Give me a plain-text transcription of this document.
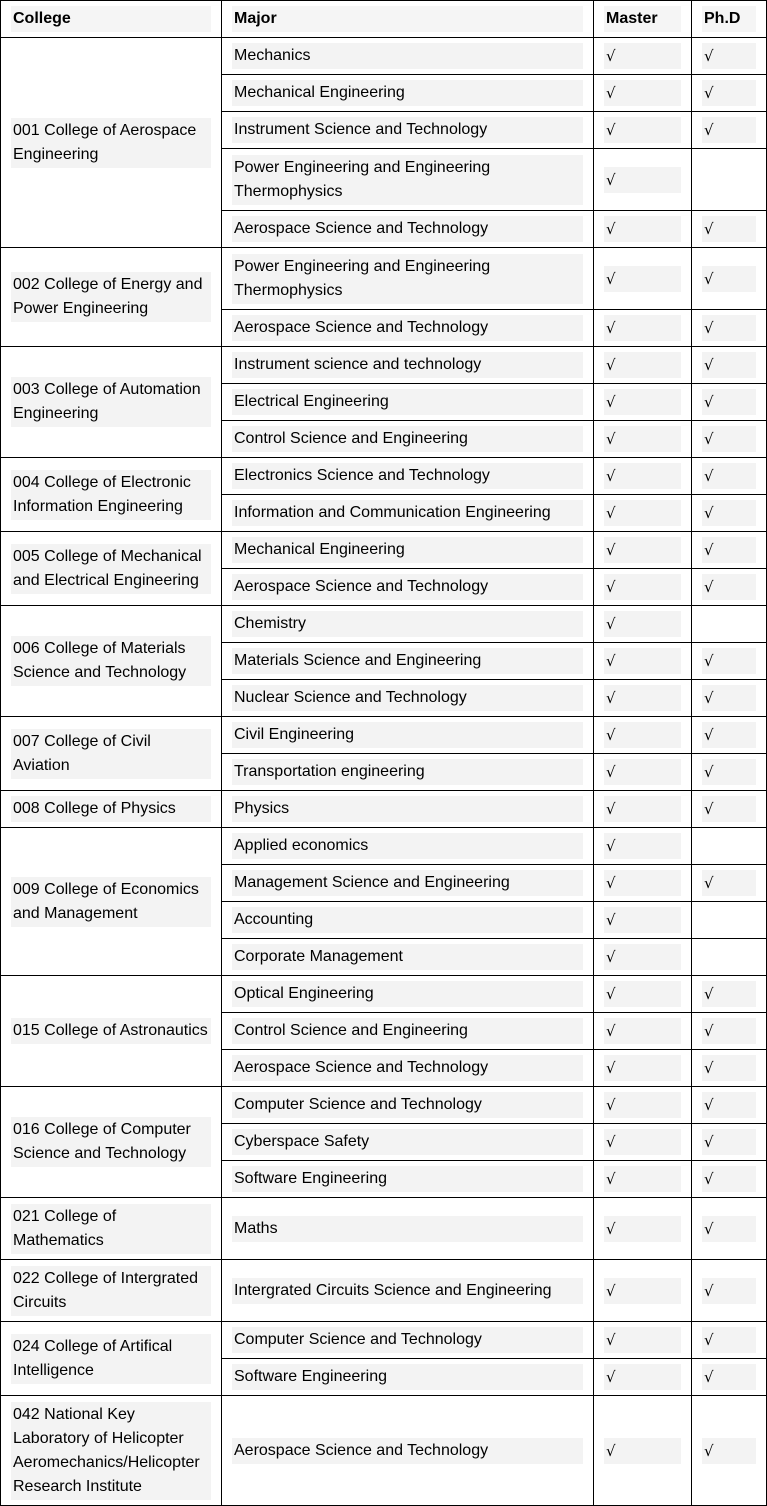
College	Major	Master	Ph.D

001 College of Aerospace Engineering	Mechanics	√	√

	Mechanical Engineering	√	√

	Instrument Science and Technology	√	√

	Power Engineering and Engineering Thermophysics	√	

	Aerospace Science and Technology	√	√

002 College of Energy and Power Engineering	Power Engineering and Engineering Thermophysics	√	√

	Aerospace Science and Technology	√	√

003 College of Automation Engineering	Instrument science and technology	√	√

	Electrical Engineering	√	√

	Control Science and Engineering	√	√

004 College of Electronic Information Engineering	Electronics Science and Technology	√	√

	Information and Communication Engineering	√	√

005 College of Mechanical and Electrical Engineering	Mechanical Engineering	√	√

	Aerospace Science and Technology	√	√

006 College of Materials Science and Technology	Chemistry	√	

	Materials Science and Engineering	√	√

	Nuclear Science and Technology	√	√

007 College of Civil Aviation	Civil Engineering	√	√

	Transportation engineering	√	√

008 College of Physics	Physics	√	√

009 College of Economics and Management	Applied economics	√	

	Management Science and Engineering	√	√

	Accounting	√	

	Corporate Management	√	

015 College of Astronautics	Optical Engineering	√	√

	Control Science and Engineering	√	√

	Aerospace Science and Technology	√	√

016 College of Computer Science and Technology	Computer Science and Technology	√	√

	Cyberspace Safety	√	√

	Software Engineering	√	√

021 College of Mathematics	Maths	√	√

022 College of Intergrated Circuits	Intergrated Circuits Science and Engineering	√	√

024 College of Artifical Intelligence	Computer Science and Technology	√	√

	Software Engineering	√	√

042 National Key Laboratory of Helicopter Aeromechanics/Helicopter Research Institute	Aerospace Science and Technology	√	√
